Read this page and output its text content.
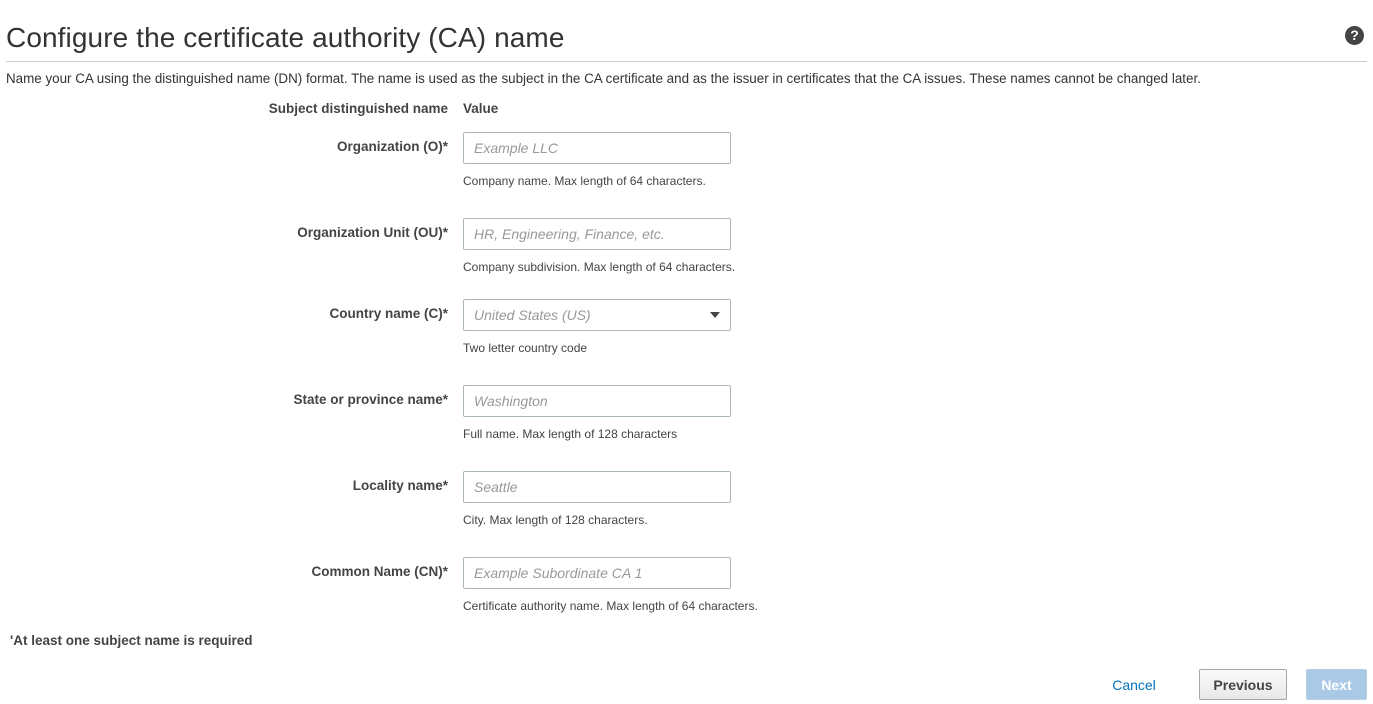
Configure the certificate authority (CA) name	?
Name your CA using the distinguished name (DN) format. The name is used as the subject in the CA certificate and as the issuer in certificates that the CA issues. These names cannot be changed later.
Subject distinguished name Value
Organization (O)*
Example LLC
Company name. Max length of 64 characters.
Organization Unit (OU)*
HR, Engineering, Finance, etc.
Company subdivision. Max length of 64 characters.
Country name (C)* United States (US)
Two letter country code
State or province name*
Washington
Full name. Max length of 128 characters
Locality name*
Seattle
City. Max length of 128 characters.
Common Name (CN)*
Example Subordinate CA 1
Certificate authority name. Max length of 64 characters.
'At least one subject name is required
Cancel	Previous	Next
